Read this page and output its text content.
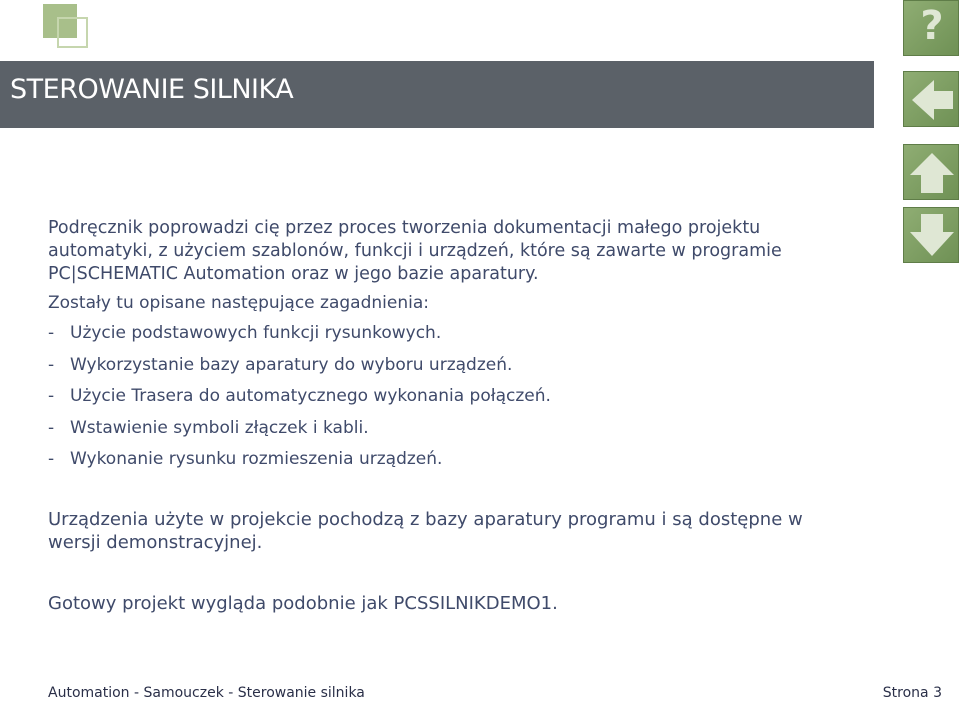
STEROWANIE SILNIKA
?
Podręcznik poprowadzi cię przez proces tworzenia dokumentacji małego projektu automatyki, z użyciem szablonów, funkcji i urządzeń, które są zawarte w programie PC|SCHEMATIC Automation oraz w jego bazie aparatury.
Zostały tu opisane następujące zagadnienia:
- Użycie podstawowych funkcji rysunkowych.
- Wykorzystanie bazy aparatury do wyboru urządzeń.
- Użycie Trasera do automatycznego wykonania połączeń.
- Wstawienie symboli złączek i kabli.
- Wykonanie rysunku rozmieszenia urządzeń.
Urządzenia użyte w projekcie pochodzą z bazy aparatury programu i są dostępne w wersji demonstracyjnej.
Gotowy projekt wygląda podobnie jak PCSSILNIKDEMO1.
Automation - Samouczek - Sterowanie silnika	Strona 3
